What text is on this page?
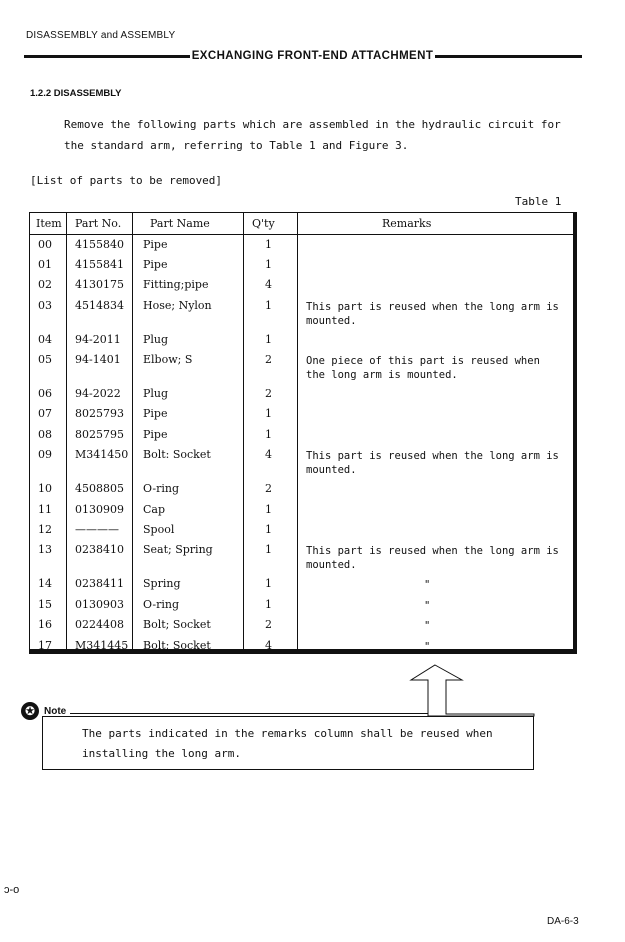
DISASSEMBLY and ASSEMBLY
EXCHANGING FRONT-END ATTACHMENT
1.2.2 DISASSEMBLY
Remove the following parts which are assembled in the hydraulic circuit for
the standard arm, referring to Table 1 and Figure 3.
[List of parts to be removed]
Table 1
Item Part No.	Part Name	Q'ty	Remarks
00 4155840 Pipe	1
01 4155841 Pipe	1
02 4130175 Fitting;pipe	4
03 4514834 Hose; Nylon	1	This part is reused when the long arm is mounted.
04 94-2011 Plug	1
05 94-1401 Elbow; S	2	One piece of this part is reused when the long arm is mounted.
06 94-2022 Plug	2
07 8025793 Pipe	1
08 8025795 Pipe	1
09 M341450 Bolt: Socket	4	This part is reused when the long arm is mounted.
10 4508805 O-ring	2
11 0130909 Cap	1
12 ———— Spool	1
13 0238410 Seat; Spring	1	This part is reused when the long arm is mounted.
14 0238411 Spring	1	"
15 0130903 O-ring	1	"
16 0224408 Bolt; Socket	2	"
17 M341445 Bolt; Socket	4	"
✪ Note
The parts indicated in the remarks column shall be reused when
installing the long arm.
ɔ-o
DA-6-3
